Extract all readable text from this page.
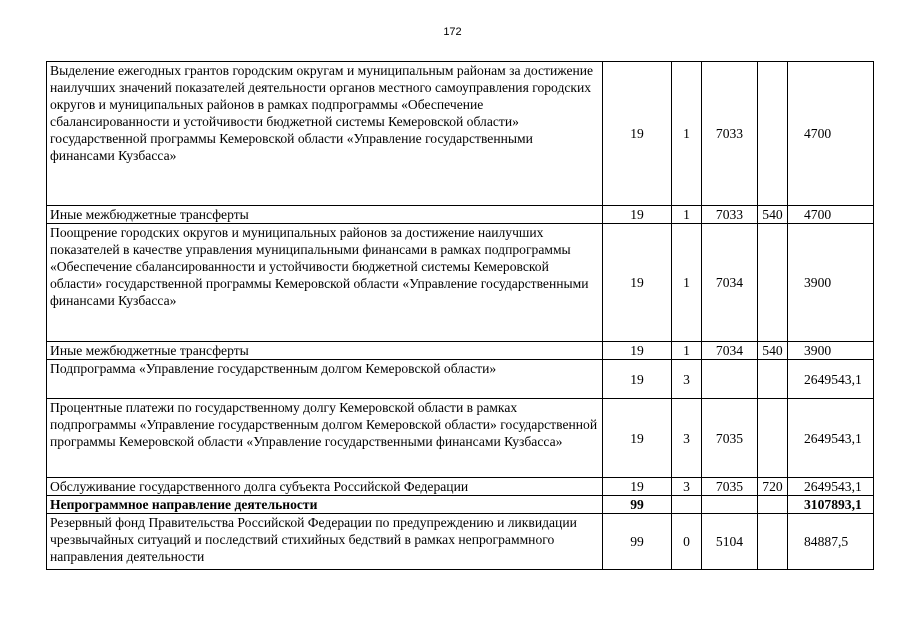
172
Выделение ежегодных грантов городским округам и муниципальным районам за достижение наилучших значений показателей деятельности органов местного самоуправления городских округов и муниципальных районов в рамках подпрограммы «Обеспечение сбалансированности и устойчивости бюджетной системы Кемеровской области» государственной программы Кемеровской области «Управление государственными финансами Кузбасса»	19	1	7033		4700
Иные межбюджетные трансферты	19	1	7033	540	4700
Поощрение городских округов и муниципальных районов за достижение наилучших показателей в качестве управления муниципальными финансами в рамках подпрограммы «Обеспечение сбалансированности и устойчивости бюджетной системы Кемеровской области» государственной программы Кемеровской области «Управление государственными финансами Кузбасса»	19	1	7034		3900
Иные межбюджетные трансферты	19	1	7034	540	3900
Подпрограмма «Управление государственным долгом Кемеровской области»	19	3			2649543,1
Процентные платежи по государственному долгу Кемеровской области в рамках подпрограммы «Управление государственным долгом Кемеровской области» государственной программы Кемеровской области «Управление государственными финансами Кузбасса»	19	3	7035		2649543,1
Обслуживание государственного долга субъекта Российской Федерации	19	3	7035	720	2649543,1
Непрограммное направление деятельности	99				3107893,1
Резервный фонд Правительства Российской Федерации по предупреждению и ликвидации чрезвычайных ситуаций и последствий стихийных бедствий в рамках непрограммного направления деятельности	99	0	5104		84887,5
